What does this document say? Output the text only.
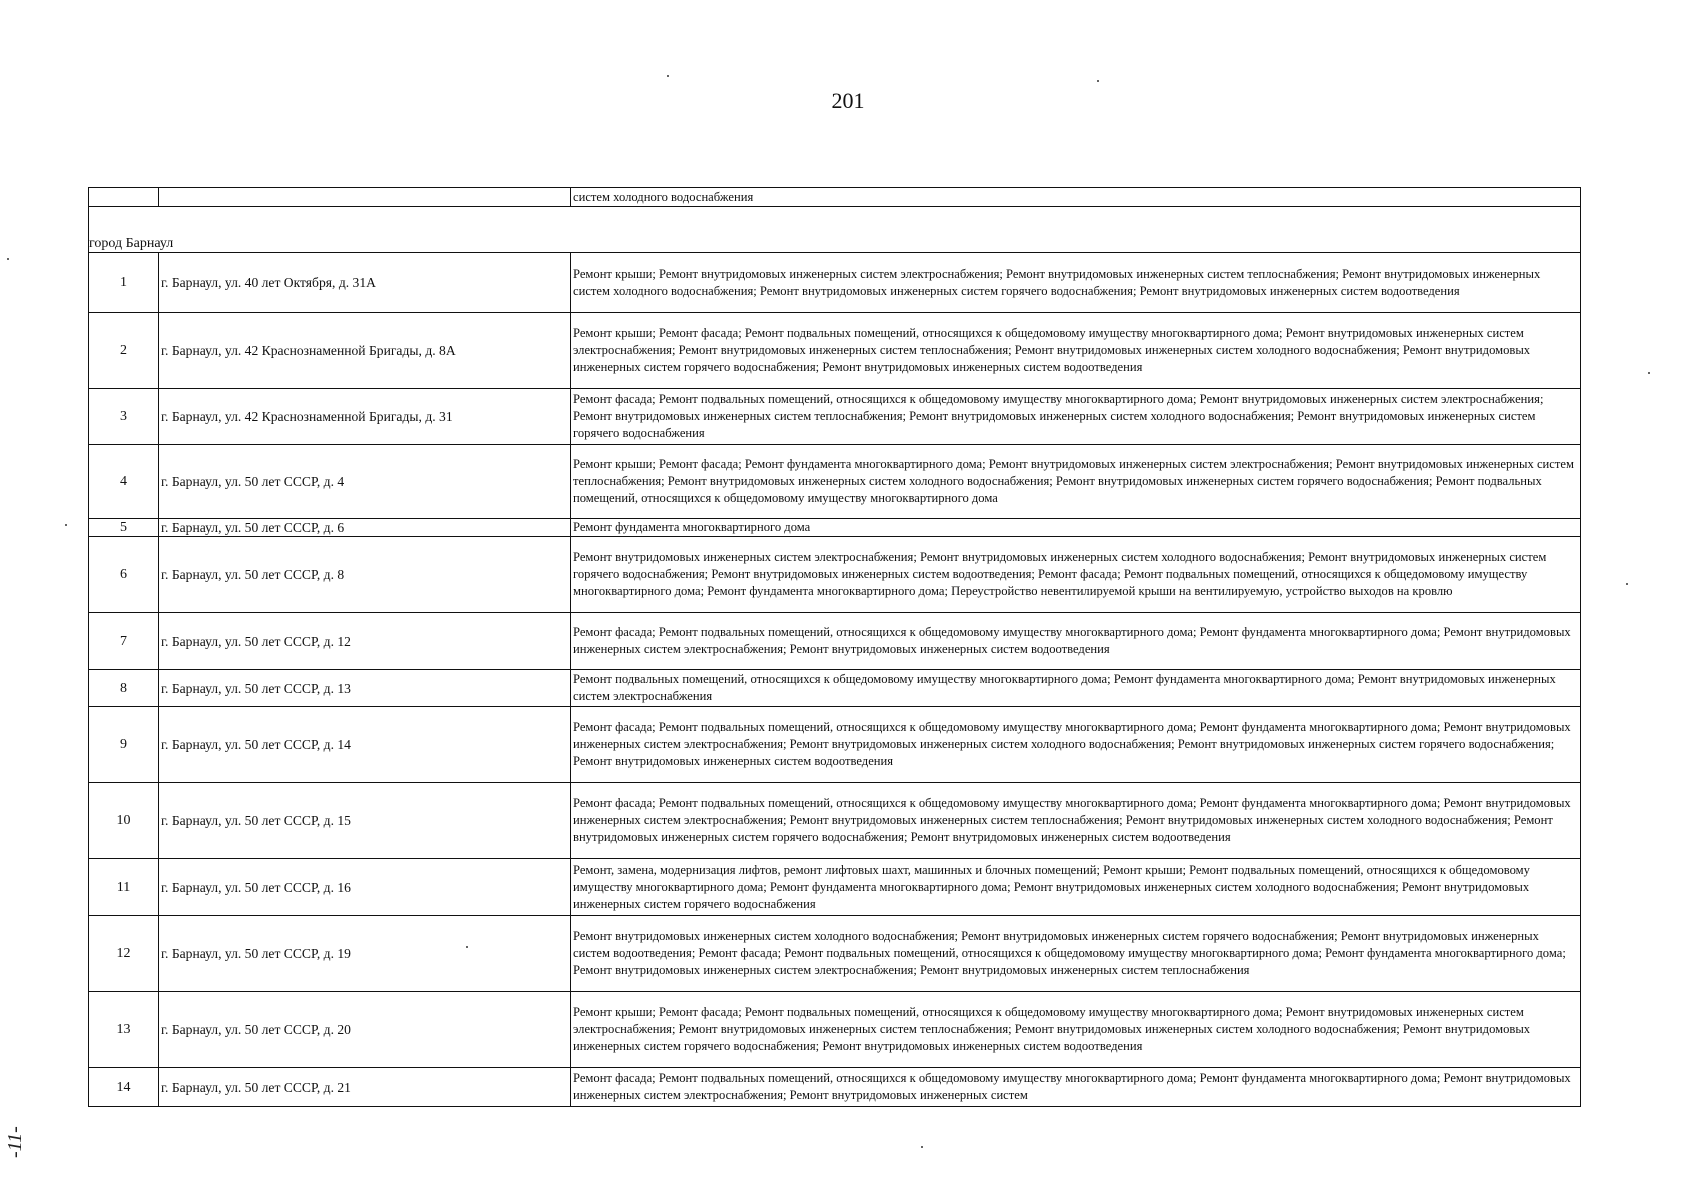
201
		систем холодного водоснабжения

город Барнаул		
1	г. Барнаул, ул. 40 лет Октября, д. 31А	Ремонт крыши; Ремонт внутридомовых инженерных систем электроснабжения; Ремонт внутридомовых инженерных систем теплоснабжения; Ремонт внутридомовых инженерных систем холодного водоснабжения; Ремонт внутридомовых инженерных систем горячего водоснабжения; Ремонт внутридомовых инженерных систем водоотведения
2	г. Барнаул, ул. 42 Краснознаменной Бригады, д. 8А	Ремонт крыши; Ремонт фасада; Ремонт подвальных помещений, относящихся к общедомовому имуществу многоквартирного дома; Ремонт внутридомовых инженерных систем электроснабжения; Ремонт внутридомовых инженерных систем теплоснабжения; Ремонт внутридомовых инженерных систем холодного водоснабжения; Ремонт внутридомовых инженерных систем горячего водоснабжения; Ремонт внутридомовых инженерных систем водоотведения
3	г. Барнаул, ул. 42 Краснознаменной Бригады, д. 31	Ремонт фасада; Ремонт подвальных помещений, относящихся к общедомовому имуществу многоквартирного дома; Ремонт внутридомовых инженерных систем электроснабжения; Ремонт внутридомовых инженерных систем теплоснабжения; Ремонт внутридомовых инженерных систем холодного водоснабжения; Ремонт внутридомовых инженерных систем горячего водоснабжения
4	г. Барнаул, ул. 50 лет СССР, д. 4	Ремонт крыши; Ремонт фасада; Ремонт фундамента многоквартирного дома; Ремонт внутридомовых инженерных систем электроснабжения; Ремонт внутридомовых инженерных систем теплоснабжения; Ремонт внутридомовых инженерных систем холодного водоснабжения; Ремонт внутридомовых инженерных систем горячего водоснабжения; Ремонт подвальных помещений, относящихся к общедомовому имуществу многоквартирного дома
5	г. Барнаул, ул. 50 лет СССР, д. 6	Ремонт фундамента многоквартирного дома
6	г. Барнаул, ул. 50 лет СССР, д. 8	Ремонт внутридомовых инженерных систем электроснабжения; Ремонт внутридомовых инженерных систем холодного водоснабжения; Ремонт внутридомовых инженерных систем горячего водоснабжения; Ремонт внутридомовых инженерных систем водоотведения; Ремонт фасада; Ремонт подвальных помещений, относящихся к общедомовому имуществу многоквартирного дома; Ремонт фундамента многоквартирного дома; Переустройство невентилируемой крыши на вентилируемую, устройство выходов на кровлю
7	г. Барнаул, ул. 50 лет СССР, д. 12	Ремонт фасада; Ремонт подвальных помещений, относящихся к общедомовому имуществу многоквартирного дома; Ремонт фундамента многоквартирного дома; Ремонт внутридомовых инженерных систем электроснабжения; Ремонт внутридомовых инженерных систем водоотведения
8	г. Барнаул, ул. 50 лет СССР, д. 13	Ремонт подвальных помещений, относящихся к общедомовому имуществу многоквартирного дома; Ремонт фундамента многоквартирного дома; Ремонт внутридомовых инженерных систем электроснабжения
9	г. Барнаул, ул. 50 лет СССР, д. 14	Ремонт фасада; Ремонт подвальных помещений, относящихся к общедомовому имуществу многоквартирного дома; Ремонт фундамента многоквартирного дома; Ремонт внутридомовых инженерных систем электроснабжения; Ремонт внутридомовых инженерных систем холодного водоснабжения; Ремонт внутридомовых инженерных систем горячего водоснабжения; Ремонт внутридомовых инженерных систем водоотведения
10	г. Барнаул, ул. 50 лет СССР, д. 15	Ремонт фасада; Ремонт подвальных помещений, относящихся к общедомовому имуществу многоквартирного дома; Ремонт фундамента многоквартирного дома; Ремонт внутридомовых инженерных систем электроснабжения; Ремонт внутридомовых инженерных систем теплоснабжения; Ремонт внутридомовых инженерных систем холодного водоснабжения; Ремонт внутридомовых инженерных систем горячего водоснабжения; Ремонт внутридомовых инженерных систем водоотведения
11	г. Барнаул, ул. 50 лет СССР, д. 16	Ремонт, замена, модернизация лифтов, ремонт лифтовых шахт, машинных и блочных помещений; Ремонт крыши; Ремонт подвальных помещений, относящихся к общедомовому имуществу многоквартирного дома; Ремонт фундамента многоквартирного дома; Ремонт внутридомовых инженерных систем холодного водоснабжения; Ремонт внутридомовых инженерных систем горячего водоснабжения
12	г. Барнаул, ул. 50 лет СССР, д. 19	Ремонт внутридомовых инженерных систем холодного водоснабжения; Ремонт внутридомовых инженерных систем горячего водоснабжения; Ремонт внутридомовых инженерных систем водоотведения; Ремонт фасада; Ремонт подвальных помещений, относящихся к общедомовому имуществу многоквартирного дома; Ремонт фундамента многоквартирного дома; Ремонт внутридомовых инженерных систем электроснабжения; Ремонт внутридомовых инженерных систем теплоснабжения
13	г. Барнаул, ул. 50 лет СССР, д. 20	Ремонт крыши; Ремонт фасада; Ремонт подвальных помещений, относящихся к общедомовому имуществу многоквартирного дома; Ремонт внутридомовых инженерных систем электроснабжения; Ремонт внутридомовых инженерных систем теплоснабжения; Ремонт внутридомовых инженерных систем холодного водоснабжения; Ремонт внутридомовых инженерных систем горячего водоснабжения; Ремонт внутридомовых инженерных систем водоотведения
14	г. Барнаул, ул. 50 лет СССР, д. 21	Ремонт фасада; Ремонт подвальных помещений, относящихся к общедомовому имуществу многоквартирного дома; Ремонт фундамента многоквартирного дома; Ремонт внутридомовых инженерных систем электроснабжения; Ремонт внутридомовых инженерных систем
-11-
